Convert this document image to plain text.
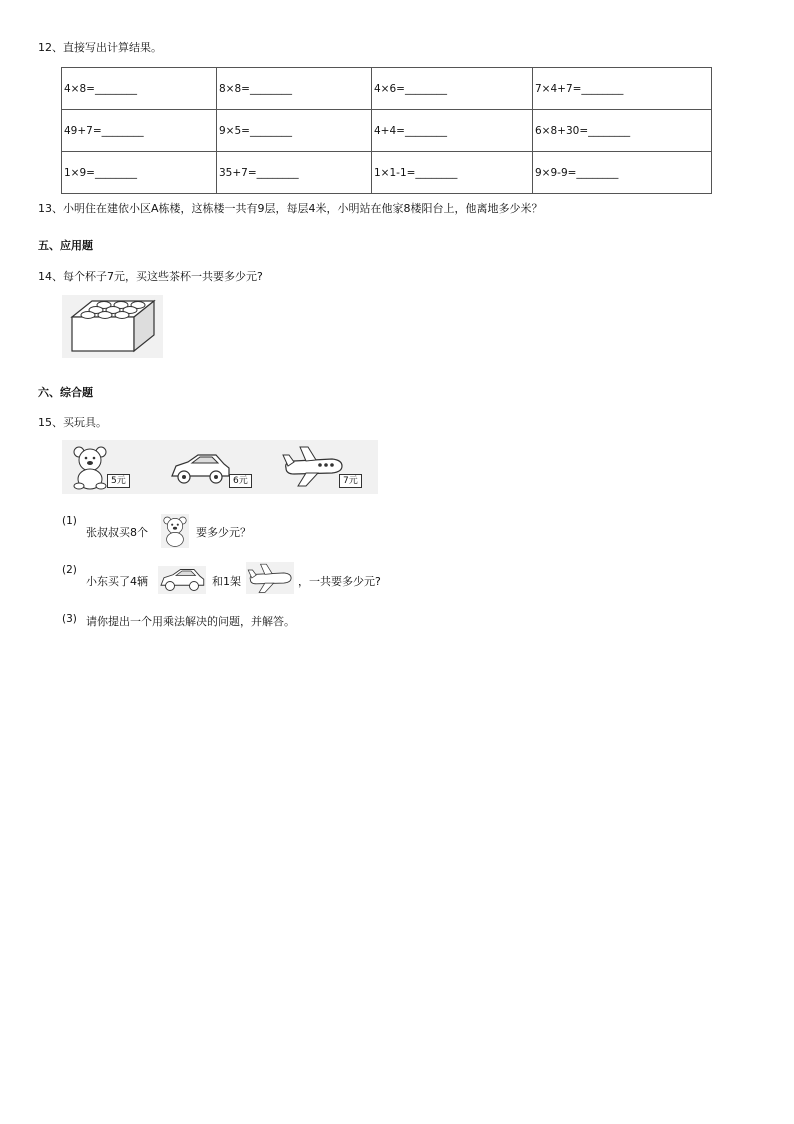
12、直接写出计算结果。
4×8=________	8×8=________	4×6=________	7×4+7=________
49+7=________	9×5=________	4+4=________	6×8+30=________
1×9=________	35+7=________	1×1-1=________	9×9-9=________
13、小明住在建依小区A栋楼，这栋楼一共有9层，每层4米，小明站在他家8楼阳台上，他离地多少米？
五、应用题
14、每个杯子7元，买这些茶杯一共要多少元?
六、综合题
15、买玩具。
5元	6元	7元
(1)
张叔叔买8个	要多少元？
(2)
小东买了4辆	和1架	，一共要多少元?
(3) 请你提出一个用乘法解决的问题，并解答。
